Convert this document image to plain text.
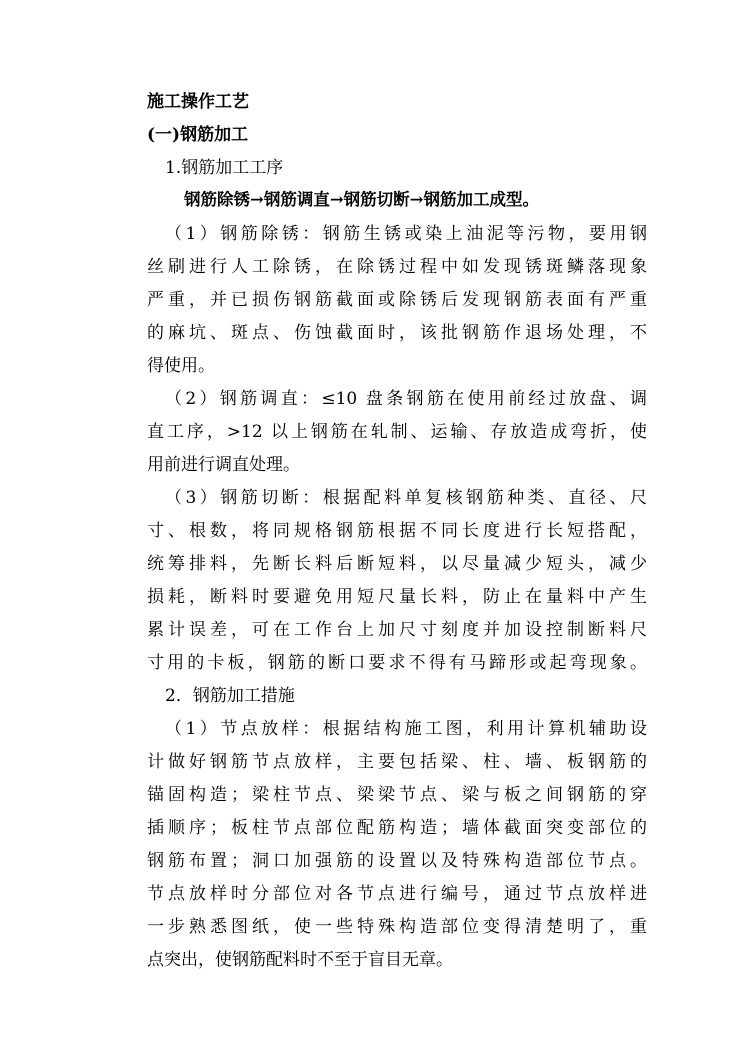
施工操作工艺
(一)钢筋加工
1.钢筋加工工序
钢筋除锈→钢筋调直→钢筋切断→钢筋加工成型。
（1）钢筋除锈：钢筋生锈或染上油泥等污物，要用钢
丝刷进行人工除锈，在除锈过程中如发现锈斑鳞落现象
严重，并已损伤钢筋截面或除锈后发现钢筋表面有严重
的麻坑、斑点、伤蚀截面时，该批钢筋作退场处理，不
得使用。
（2）钢筋调直：≤10 盘条钢筋在使用前经过放盘、调
直工序，>12 以上钢筋在轧制、运输、存放造成弯折，使
用前进行调直处理。
（3）钢筋切断：根据配料单复核钢筋种类、直径、尺
寸、根数，将同规格钢筋根据不同长度进行长短搭配，
统筹排料，先断长料后断短料，以尽量减少短头，减少
损耗，断料时要避免用短尺量长料，防止在量料中产生
累计误差，可在工作台上加尺寸刻度并加设控制断料尺
寸用的卡板，钢筋的断口要求不得有马蹄形或起弯现象。
2．钢筋加工措施
（1）节点放样：根据结构施工图，利用计算机辅助设
计做好钢筋节点放样，主要包括梁、柱、墙、板钢筋的
锚固构造；梁柱节点、梁梁节点、梁与板之间钢筋的穿
插顺序；板柱节点部位配筋构造；墙体截面突变部位的
钢筋布置；洞口加强筋的设置以及特殊构造部位节点。
节点放样时分部位对各节点进行编号，通过节点放样进
一步熟悉图纸，使一些特殊构造部位变得清楚明了，重
点突出，使钢筋配料时不至于盲目无章。
